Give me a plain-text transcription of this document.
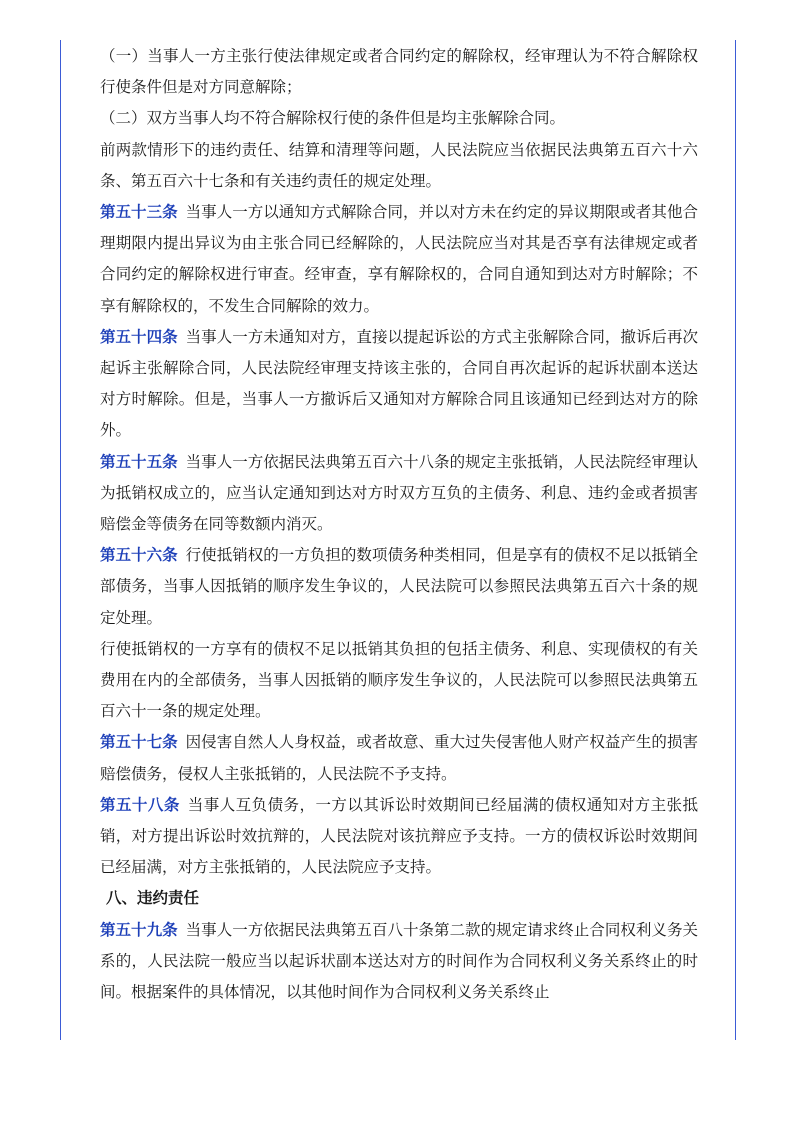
（一）当事人一方主张行使法律规定或者合同约定的解除权，经审理认为不符合解除权行使条件但是对方同意解除；

（二）双方当事人均不符合解除权行使的条件但是均主张解除合同。

前两款情形下的违约责任、结算和清理等问题，人民法院应当依据民法典第五百六十六条、第五百六十七条和有关违约责任的规定处理。

第五十三条 当事人一方以通知方式解除合同，并以对方未在约定的异议期限或者其他合理期限内提出异议为由主张合同已经解除的，人民法院应当对其是否享有法律规定或者合同约定的解除权进行审查。经审查，享有解除权的，合同自通知到达对方时解除；不享有解除权的，不发生合同解除的效力。

第五十四条 当事人一方未通知对方，直接以提起诉讼的方式主张解除合同，撤诉后再次起诉主张解除合同，人民法院经审理支持该主张的，合同自再次起诉的起诉状副本送达对方时解除。但是，当事人一方撤诉后又通知对方解除合同且该通知已经到达对方的除外。

第五十五条 当事人一方依据民法典第五百六十八条的规定主张抵销，人民法院经审理认为抵销权成立的，应当认定通知到达对方时双方互负的主债务、利息、违约金或者损害赔偿金等债务在同等数额内消灭。

第五十六条 行使抵销权的一方负担的数项债务种类相同，但是享有的债权不足以抵销全部债务，当事人因抵销的顺序发生争议的，人民法院可以参照民法典第五百六十条的规定处理。

行使抵销权的一方享有的债权不足以抵销其负担的包括主债务、利息、实现债权的有关费用在内的全部债务，当事人因抵销的顺序发生争议的，人民法院可以参照民法典第五百六十一条的规定处理。

第五十七条 因侵害自然人人身权益，或者故意、重大过失侵害他人财产权益产生的损害赔偿债务，侵权人主张抵销的，人民法院不予支持。

第五十八条 当事人互负债务，一方以其诉讼时效期间已经届满的债权通知对方主张抵销，对方提出诉讼时效抗辩的，人民法院对该抗辩应予支持。一方的债权诉讼时效期间已经届满，对方主张抵销的，人民法院应予支持。

八、违约责任

第五十九条 当事人一方依据民法典第五百八十条第二款的规定请求终止合同权利义务关系的，人民法院一般应当以起诉状副本送达对方的时间作为合同权利义务关系终止的时间。根据案件的具体情况，以其他时间作为合同权利义务关系终止
